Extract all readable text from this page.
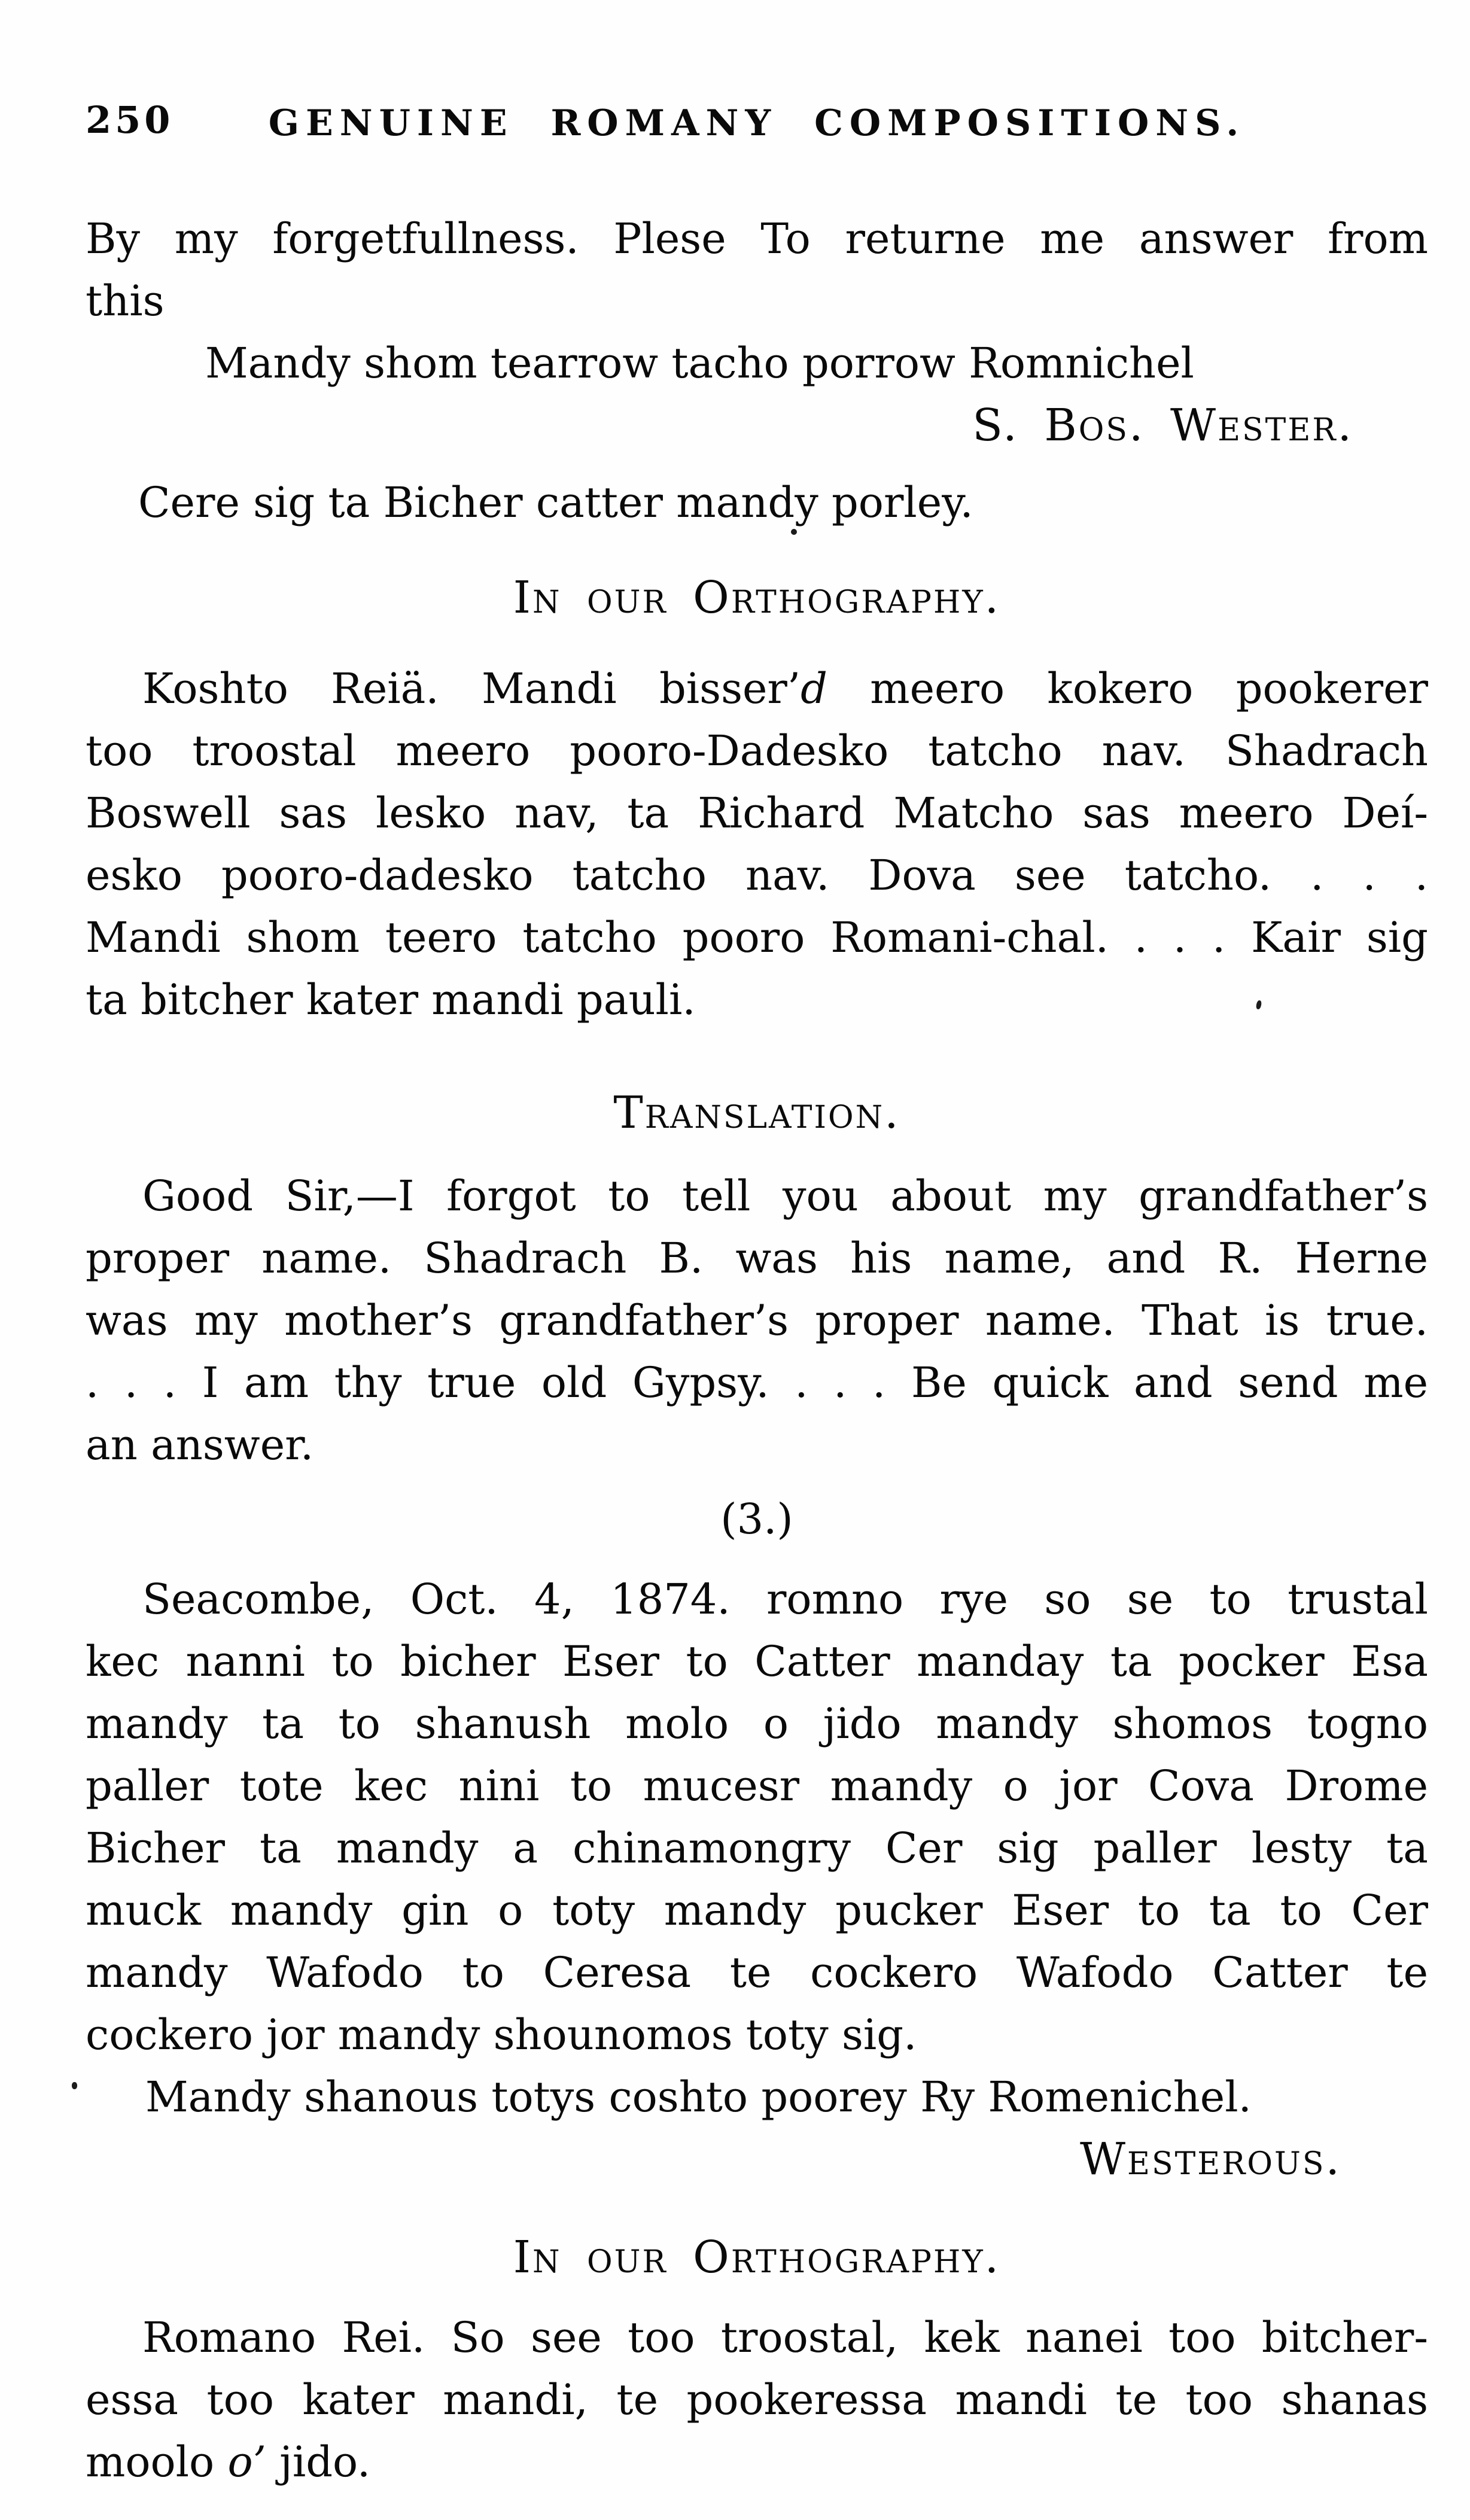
250	GENUINE ROMANY COMPOSITIONS.
By my forgetfullness. Plese To returne me answer from
this
Mandy shom tearrow tacho porrow Romnichel
S. Bos. Wester.
Cere sig ta Bicher catter mandy porley.
In our Orthography.
Koshto Reiä. Mandi bisser’d meero kokero pookerer
too troostal meero pooro-Dadesko tatcho nav. Shadrach
Boswell sas lesko nav, ta Richard Matcho sas meero Deí-
esko pooro-dadesko tatcho nav. Dova see tatcho. . . .
Mandi shom teero tatcho pooro Romani-chal. . . . Kair sig
ta bitcher kater mandi pauli.
Translation.
Good Sir,—I forgot to tell you about my grandfather’s
proper name. Shadrach B. was his name, and R. Herne
was my mother’s grandfather’s proper name. That is true.
. . . I am thy true old Gypsy. . . . Be quick and send me
an answer.
(3.)
Seacombe, Oct. 4, 1874. romno rye so se to trustal
kec nanni to bicher Eser to Catter manday ta pocker Esa
mandy ta to shanush molo o jido mandy shomos togno
paller tote kec nini to mucesr mandy o jor Cova Drome
Bicher ta mandy a chinamongry Cer sig paller lesty ta
muck mandy gin o toty mandy pucker Eser to ta to Cer
mandy Wafodo to Ceresa te cockero Wafodo Catter te
cockero jor mandy shounomos toty sig.
Mandy shanous totys coshto poorey Ry Romenichel.
Westerous.
In our Orthography.
Romano Rei. So see too troostal, kek nanei too bitcher-
essa too kater mandi, te pookeressa mandi te too shanas
moolo o’ jido.
